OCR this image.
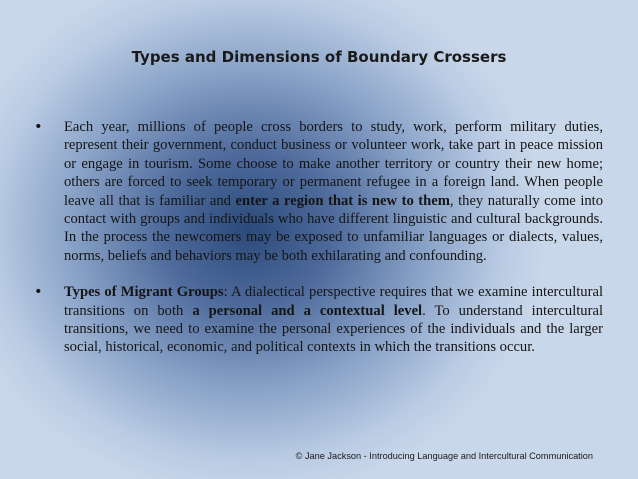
Types and Dimensions of Boundary Crossers
• Each year, millions of people cross borders to study, work, perform military duties, represent their government, conduct business or volunteer work, take part in peace mission or engage in tourism. Some choose to make another territory or country their new home; others are forced to seek temporary or permanent refugee in a foreign land. When people leave all that is familiar and enter a region that is new to them, they naturally come into contact with groups and individuals who have different linguistic and cultural backgrounds. In the process the newcomers may be exposed to unfamiliar languages or dialects, values, norms, beliefs and behaviors may be both exhilarating and confounding.
• Types of Migrant Groups: A dialectical perspective requires that we examine intercultural transitions on both a personal and a contextual level. To understand intercultural transitions, we need to examine the personal experiences of the individuals and the larger social, historical, economic, and political contexts in which the transitions occur.
© Jane Jackson - Introducing Language and Intercultural Communication
